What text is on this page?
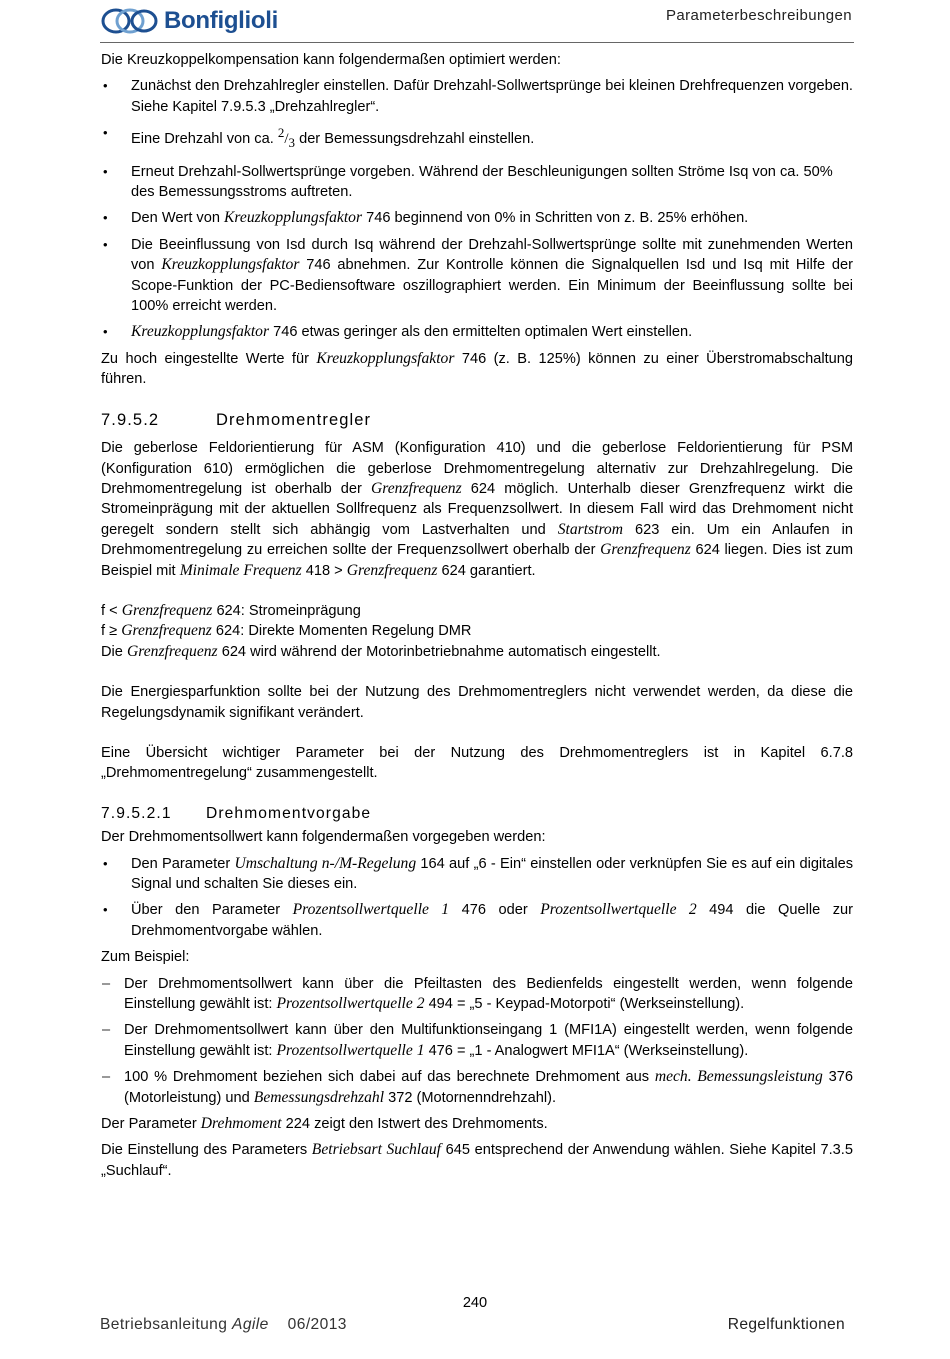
Bonfiglioli	Parameterbeschreibungen

Die Kreuzkoppelkompensation kann folgendermaßen optimiert werden:

• Zunächst den Drehzahlregler einstellen. Dafür Drehzahl-Sollwertsprünge bei kleinen Drehfrequenzen vorgeben. Siehe Kapitel 7.9.5.3 „Drehzahlregler“.
• Eine Drehzahl von ca. $^2/_3$ der Bemessungsdrehzahl einstellen.
• Erneut Drehzahl-Sollwertsprünge vorgeben. Während der Beschleunigungen sollten Ströme Isq von ca. 50% des Bemessungsstroms auftreten.
• Den Wert von Kreuzkopplungsfaktor 746 beginnend von 0% in Schritten von z. B. 25% erhöhen.
• Die Beeinflussung von Isd durch Isq während der Drehzahl-Sollwertsprünge sollte mit zunehmenden Werten von Kreuzkopplungsfaktor 746 abnehmen. Zur Kontrolle können die Signalquellen Isd und Isq mit Hilfe der Scope-Funktion der PC-Bediensoftware oszillographiert werden. Ein Minimum der Beeinflussung sollte bei 100% erreicht werden.
• Kreuzkopplungsfaktor 746 etwas geringer als den ermittelten optimalen Wert einstellen.

Zu hoch eingestellte Werte für Kreuzkopplungsfaktor 746 (z. B. 125%) können zu einer Überstromabschaltung führen.

7.9.5.2	Drehmomentregler

Die geberlose Feldorientierung für ASM (Konfiguration 410) und die geberlose Feldorientierung für PSM (Konfiguration 610) ermöglichen die geberlose Drehmomentregelung alternativ zur Drehzahlregelung. Die Drehmomentregelung ist oberhalb der Grenzfrequenz 624 möglich. Unterhalb dieser Grenzfrequenz wirkt die Stromeinprägung mit der aktuellen Sollfrequenz als Frequenzsollwert. In diesem Fall wird das Drehmoment nicht geregelt sondern stellt sich abhängig vom Lastverhalten und Startstrom 623 ein. Um ein Anlaufen in Drehmomentregelung zu erreichen sollte der Frequenzsollwert oberhalb der Grenzfrequenz 624 liegen. Dies ist zum Beispiel mit Minimale Frequenz 418 > Grenzfrequenz 624 garantiert.

f < Grenzfrequenz 624: Stromeinprägung

f ≥ Grenzfrequenz 624: Direkte Momenten Regelung DMR

Die Grenzfrequenz 624 wird während der Motorinbetriebnahme automatisch eingestellt.

Die Energiesparfunktion sollte bei der Nutzung des Drehmomentreglers nicht verwendet werden, da diese die Regelungsdynamik signifikant verändert.

Eine Übersicht wichtiger Parameter bei der Nutzung des Drehmomentreglers ist in Kapitel 6.7.8 „Drehmomentregelung“ zusammengestellt.

7.9.5.2.1 Drehmomentvorgabe

Der Drehmomentsollwert kann folgendermaßen vorgegeben werden:

• Den Parameter Umschaltung n-/M-Regelung 164 auf „6 - Ein“ einstellen oder verknüpfen Sie es auf ein digitales Signal und schalten Sie dieses ein.
• Über den Parameter Prozentsollwertquelle 1 476 oder Prozentsollwertquelle 2 494 die Quelle zur Drehmomentvorgabe wählen.

Zum Beispiel:

– Der Drehmomentsollwert kann über die Pfeiltasten des Bedienfelds eingestellt werden, wenn folgende Einstellung gewählt ist: Prozentsollwertquelle 2 494 = „5 - Keypad-Motorpoti“ (Werkseinstellung).
– Der Drehmomentsollwert kann über den Multifunktionseingang 1 (MFI1A) eingestellt werden, wenn folgende Einstellung gewählt ist: Prozentsollwertquelle 1 476 = „1 - Analogwert MFI1A“ (Werkseinstellung).
– 100 % Drehmoment beziehen sich dabei auf das berechnete Drehmoment aus mech. Bemessungsleistung 376 (Motorleistung) und Bemessungsdrehzahl 372 (Motornenndrehzahl).

Der Parameter Drehmoment 224 zeigt den Istwert des Drehmoments.

Die Einstellung des Parameters Betriebsart Suchlauf 645 entsprechend der Anwendung wählen. Siehe Kapitel 7.3.5 „Suchlauf“.

240
Betriebsanleitung Agile 06/2013	Regelfunktionen
